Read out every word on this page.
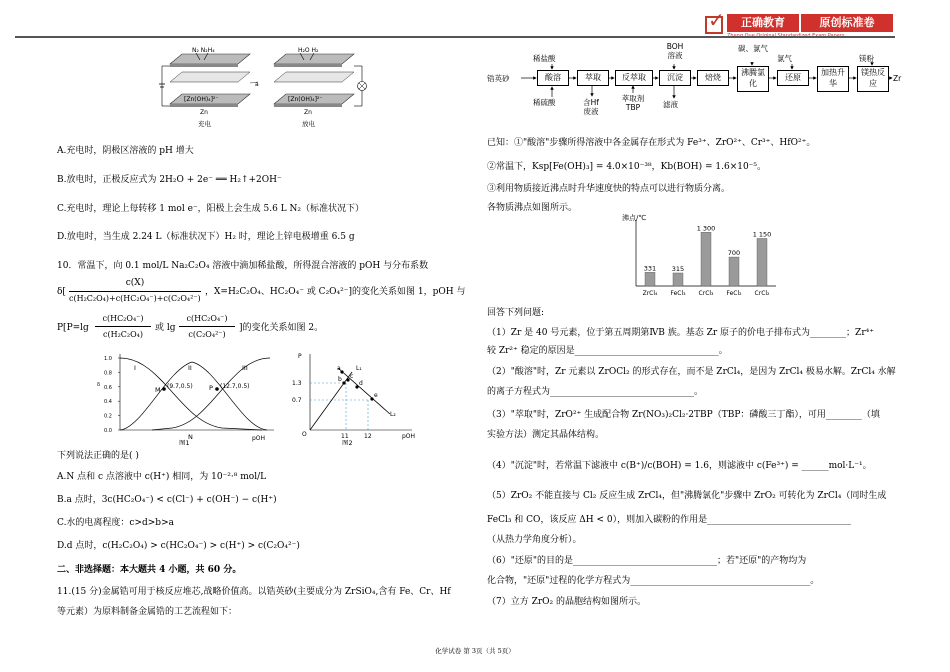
✓	正确教育	原创标准卷
Zheng Que Original Standardized Exam Papers
N₂ N₂H₄	H₂O H₂
[Zn(OH)₄]²⁻	[Zn(OH)₄]²⁻
a
Zn	Zn
充电	放电
A.充电时，阴极区溶液的 pH 增大
B.放电时，正极反应式为 2H₂O + 2e⁻ ══ H₂↑+2OH⁻
C.充电时，理论上每转移 1 mol e⁻，阳极上会生成 5.6 L N₂（标准状况下）
D.放电时，当生成 2.24 L（标准状况下）H₂ 时，理论上锌电极增重 6.5 g
10．常温下，向 0.1 mol/L Na₂C₂O₄ 溶液中滴加稀盐酸，所得混合溶液的 pOH 与分布系数
δ[
c(X)
c(H₂C₂O₄)+c(HC₂O₄⁻)+c(C₂O₄²⁻)
，X=H₂C₂O₄、HC₂O₄⁻ 或 C₂O₄²⁻]的变化关系如图 1，pOH 与
P[P=lg
c(HC₂O₄⁻)
c(H₂C₂O₄)
或 lg
c(HC₂O₄⁻)
c(C₂O₄²⁻)
]的变化关系如图 2。
1.0
0.8
0.6
0.4
0.2
0.0
δ
pOH
I	II	III
M (9.7,0.5)	P (12.7,0.5)
N
图1
P
O	pOH
1.3
0.7
11	12
L₁
L₂
a
b c
d
e
图2
下列说法正确的是( )
A.N 点和 c 点溶液中 c(H⁺) 相同，为 10⁻²·⁸ mol/L
B.a 点时，3c(HC₂O₄⁻) < c(Cl⁻) + c(OH⁻) − c(H⁺)
C.水的电离程度：c>d>b>a
D.d 点时，c(H₂C₂O₄) > c(HC₂O₄⁻) > c(H⁺) > c(C₂O₄²⁻)
二、非选择题：本大题共 4 小题，共 60 分。
11.(15 分)金属锆可用于核反应堆芯,战略价值高。以锆英砂(主要成分为 ZrSiO₄,含有 Fe、Cr、Hf
等元素）为原料制备金属锆的工艺流程如下：
锆英砂	酸溶	萃取	反萃取	沉淀	焙烧
沸腾氯化
还原
加热升华
镁热反应
Zr
稀盐酸
BOH 溶液
碳、氯气
氯气	镁粉
稀硫酸	含Hf 废液
萃取剂 TBP	滤液
已知：①"酸溶"步骤所得溶液中各金属存在形式为 Fe³⁺、ZrO²⁺、Cr³⁺、HfO²⁺。
②常温下，Ksp[Fe(OH)₃] = 4.0×10⁻³⁸，Kb(BOH) = 1.6×10⁻⁵。
③利用物质接近沸点时升华速度快的特点可以进行物质分离。
各物质沸点如图所示。
沸点/℃
331
ZrCl₄
315
FeCl₃
1 300
CrCl₃
700
FeCl₂
1 150
CrCl₂
回答下列问题:
（1）Zr 是 40 号元素，位于第五周期第ⅣB 族。基态 Zr 原子的价电子排布式为________；Zr⁴⁺
较 Zr²⁺ 稳定的原因是________________________________。
（2）"酸溶"时，Zr 元素以 ZrOCl₂ 的形式存在，而不是 ZrCl₄，是因为 ZrCl₄ 极易水解。ZrCl₄ 水解
的离子方程式为________________________________。
（3）"萃取"时，ZrO²⁺ 生成配合物 Zr(NO₃)₂Cl₂·2TBP（TBP：磷酸三丁酯），可用________（填
实验方法）测定其晶体结构。
（4）"沉淀"时，若常温下滤液中 c(B⁺)/c(BOH) = 1.6，则滤液中 c(Fe³⁺) = ______mol·L⁻¹。
（5）ZrO₂ 不能直接与 Cl₂ 反应生成 ZrCl₄，但"沸腾氯化"步骤中 ZrO₂ 可转化为 ZrCl₄（同时生成
FeCl₃ 和 CO，该反应 ΔH < 0），则加入碳粉的作用是________________________________
（从热力学角度分析）。
（6）"还原"的目的是________________________________；若"还原"的产物均为
化合物，"还原"过程的化学方程式为________________________________________。
（7）立方 ZrO₂ 的晶胞结构如图所示。
化学试卷 第 3页（共 5页）
